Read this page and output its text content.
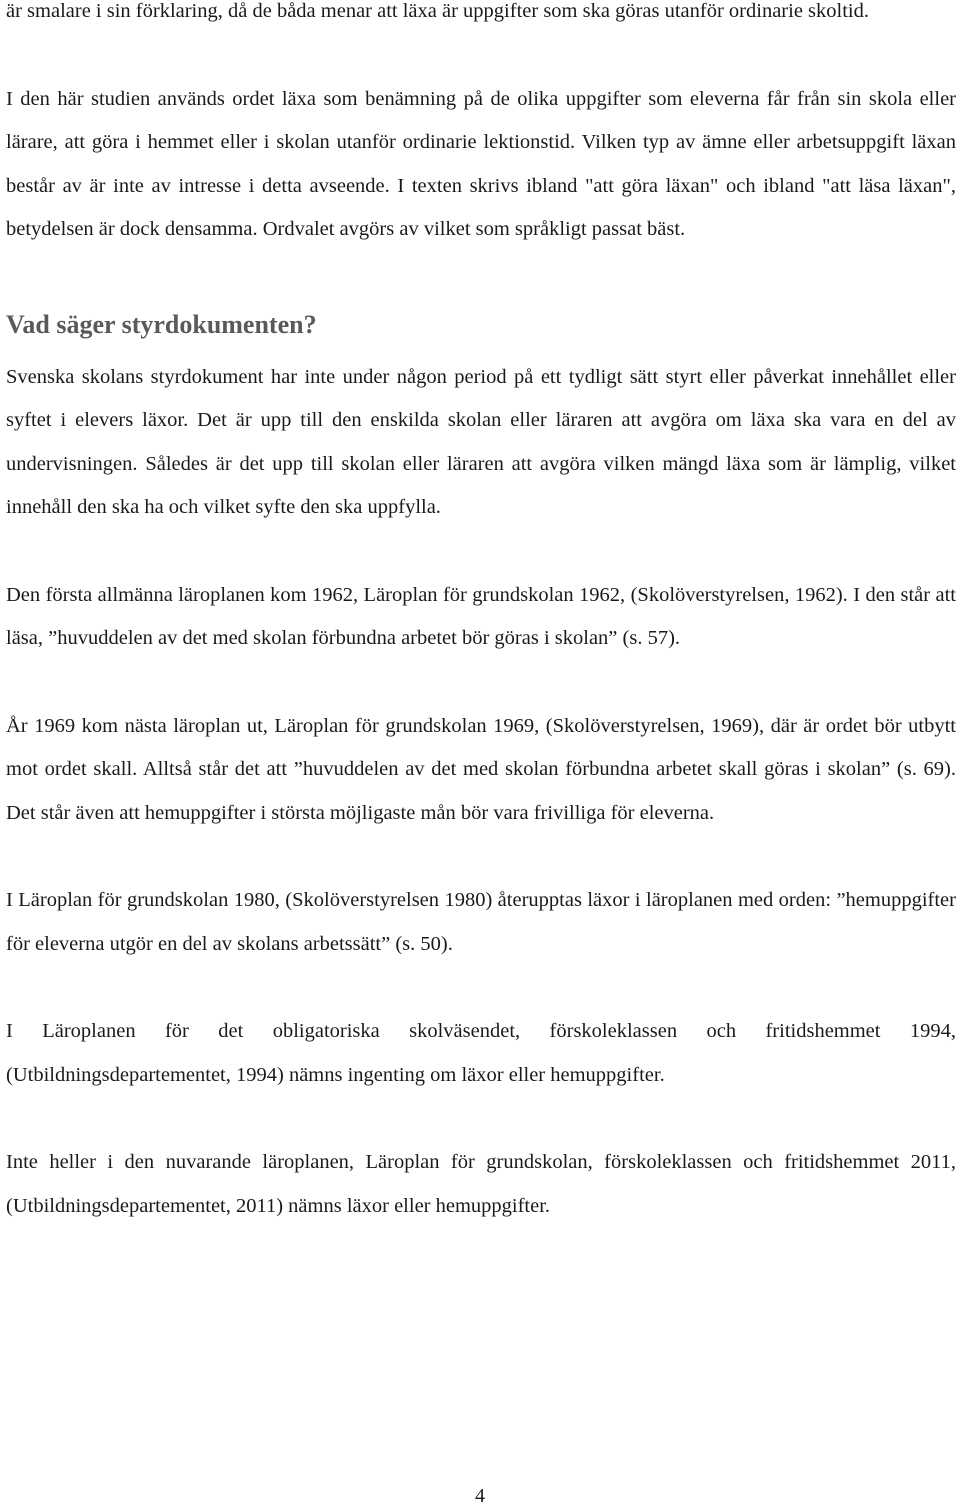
är smalare i sin förklaring, då de båda menar att läxa är uppgifter som ska göras utanför ordinarie skoltid.

I den här studien används ordet läxa som benämning på de olika uppgifter som eleverna får från sin skola eller lärare, att göra i hemmet eller i skolan utanför ordinarie lektionstid. Vilken typ av ämne eller arbetsuppgift läxan består av är inte av intresse i detta avseende. I texten skrivs ibland "att göra läxan" och ibland "att läsa läxan", betydelsen är dock densamma. Ordvalet avgörs av vilket som språkligt passat bäst.

Vad säger styrdokumenten?

Svenska skolans styrdokument har inte under någon period på ett tydligt sätt styrt eller påverkat innehållet eller syftet i elevers läxor. Det är upp till den enskilda skolan eller läraren att avgöra om läxa ska vara en del av undervisningen. Således är det upp till skolan eller läraren att avgöra vilken mängd läxa som är lämplig, vilket innehåll den ska ha och vilket syfte den ska uppfylla.

Den första allmänna läroplanen kom 1962, Läroplan för grundskolan 1962, (Skolöverstyrelsen, 1962). I den står att läsa, ”huvuddelen av det med skolan förbundna arbetet bör göras i skolan” (s. 57).

År 1969 kom nästa läroplan ut, Läroplan för grundskolan 1969, (Skolöverstyrelsen, 1969), där är ordet bör utbytt mot ordet skall. Alltså står det att ”huvuddelen av det med skolan förbundna arbetet skall göras i skolan” (s. 69). Det står även att hemuppgifter i största möjligaste mån bör vara frivilliga för eleverna.

I Läroplan för grundskolan 1980, (Skolöverstyrelsen 1980) återupptas läxor i läroplanen med orden: ”hemuppgifter för eleverna utgör en del av skolans arbetssätt” (s. 50).

I Läroplanen för det obligatoriska skolväsendet, förskoleklassen och fritidshemmet 1994, (Utbildningsdepartementet, 1994) nämns ingenting om läxor eller hemuppgifter.

Inte heller i den nuvarande läroplanen, Läroplan för grundskolan, förskoleklassen och fritidshemmet 2011, (Utbildningsdepartementet, 2011) nämns läxor eller hemuppgifter.

4
